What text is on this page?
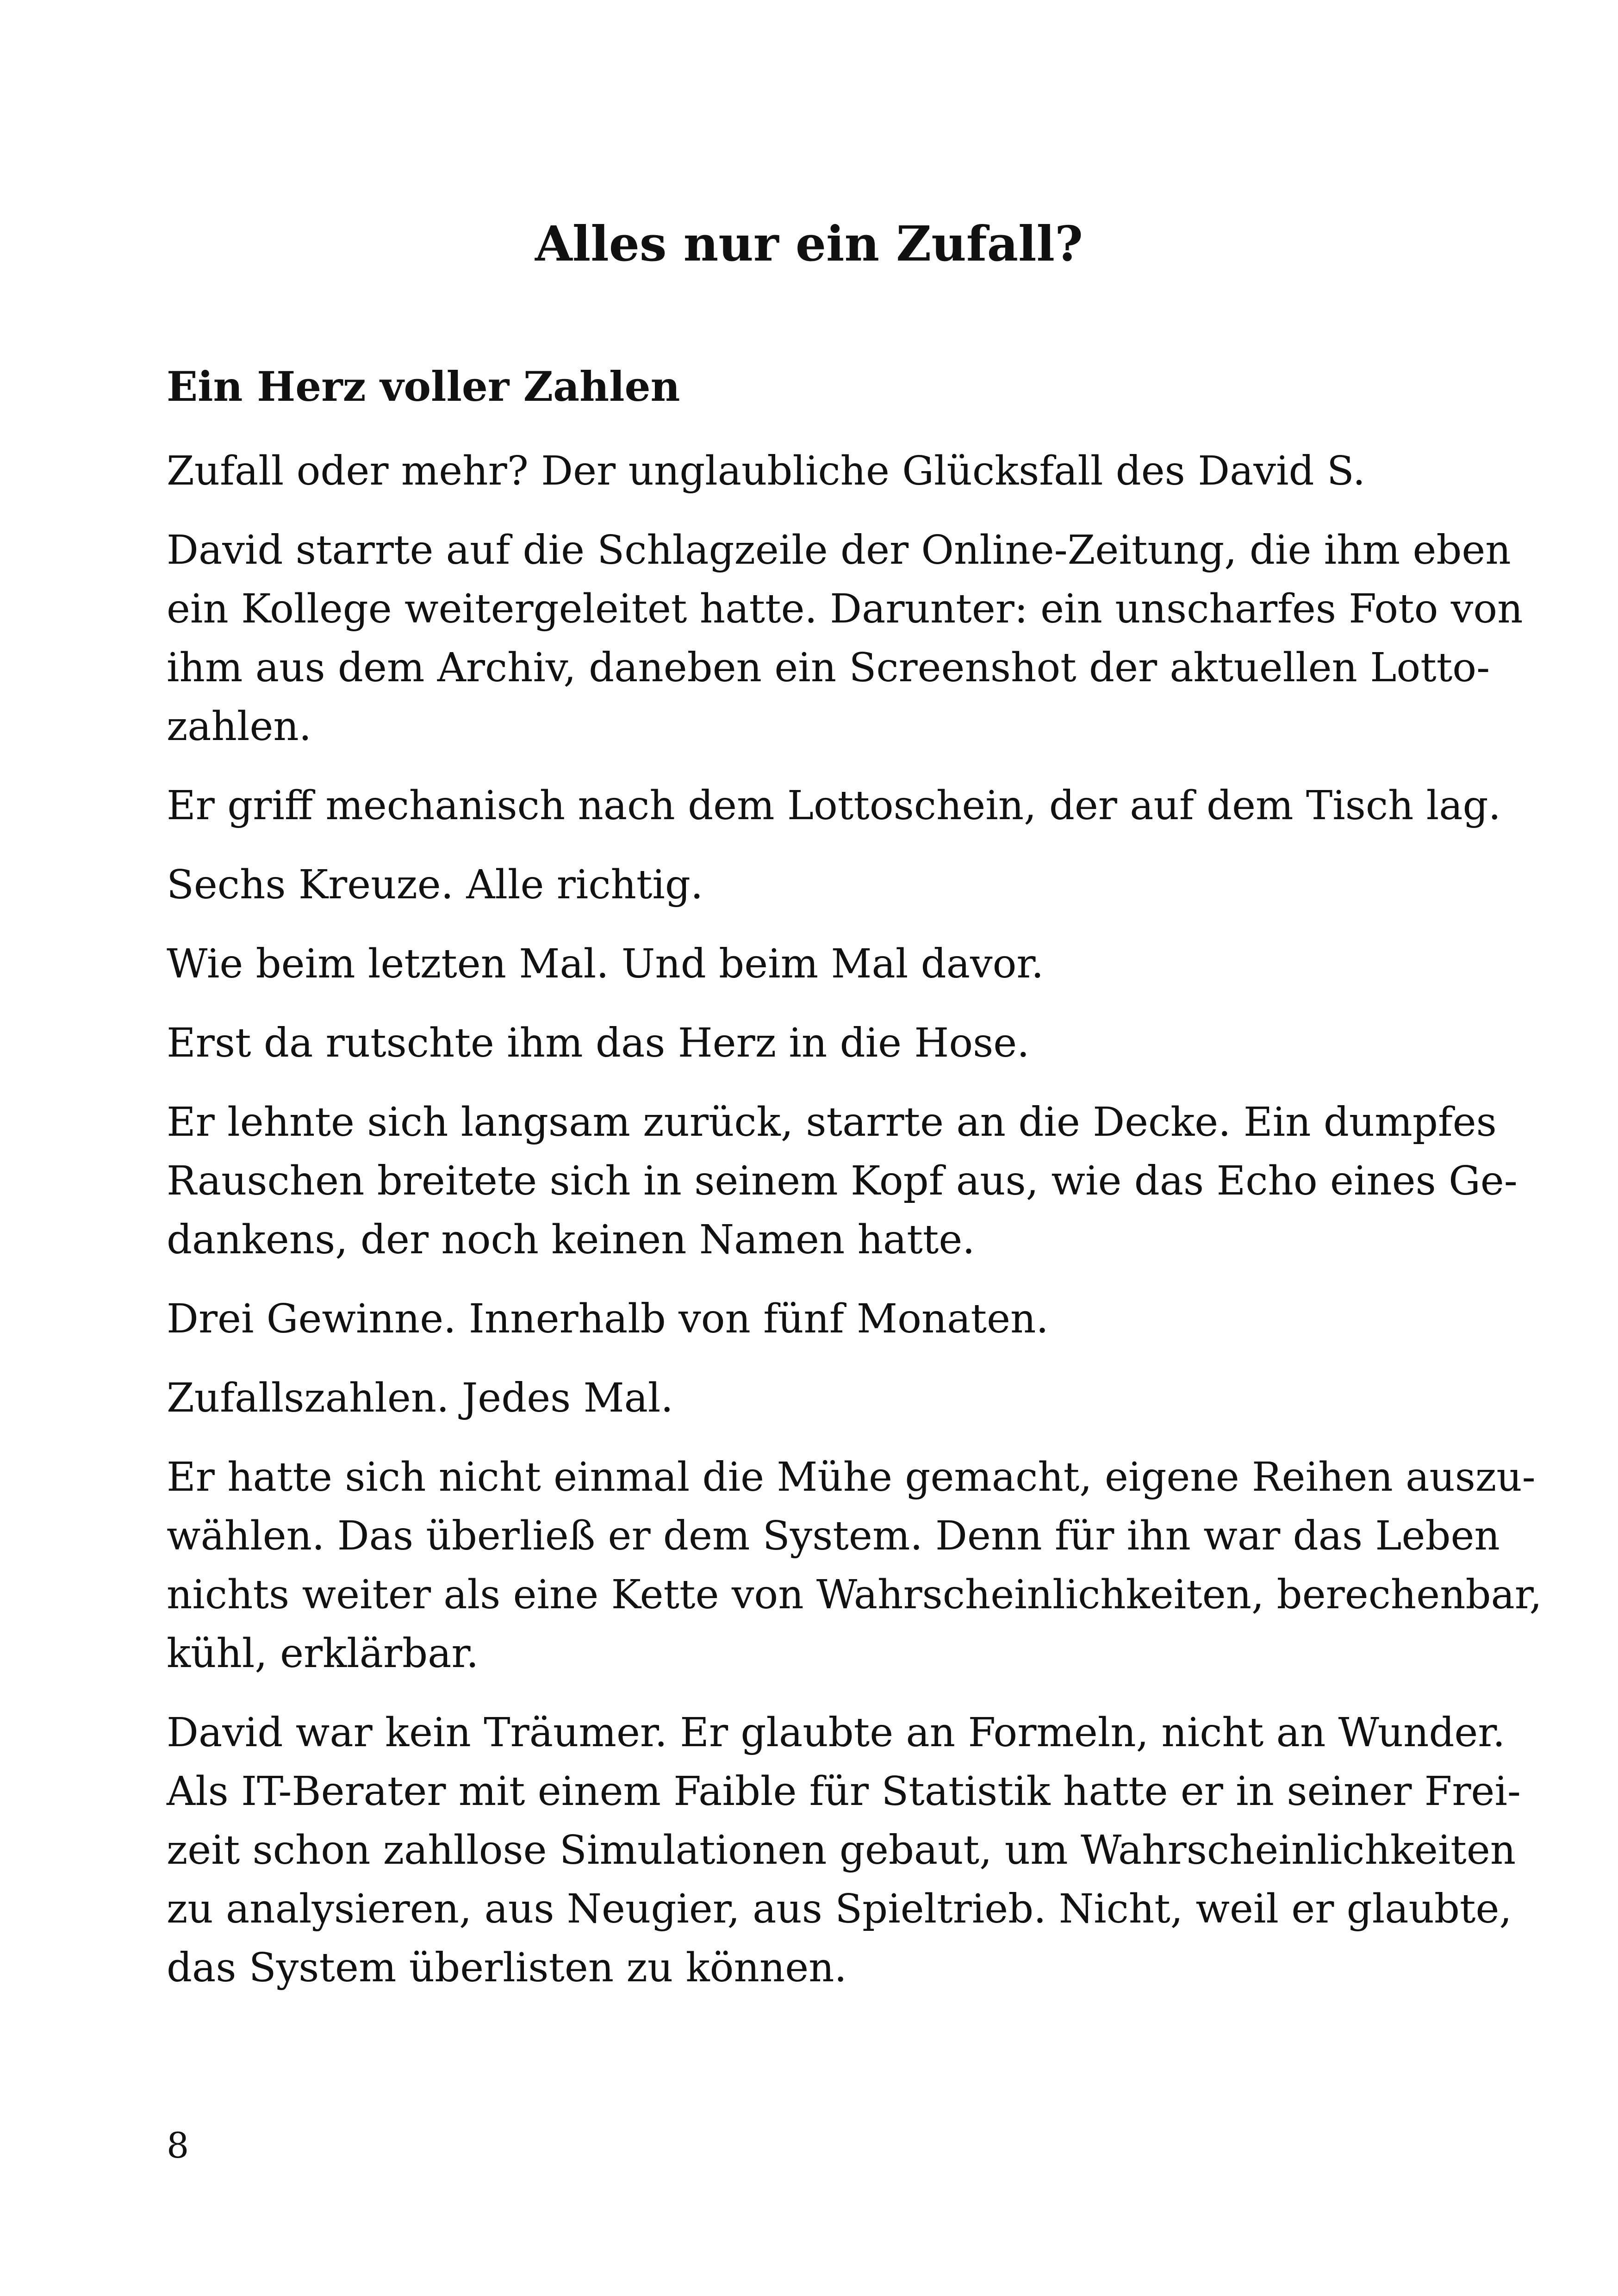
Alles nur ein Zufall?
Ein Herz voller Zahlen

Zufall oder mehr? Der unglaubliche Glücksfall des David S.

David starrte auf die Schlagzeile der Online-Zeitung, die ihm eben
ein Kollege weitergeleitet hatte. Darunter: ein unscharfes Foto von
ihm aus dem Archiv, daneben ein Screenshot der aktuellen Lotto-
zahlen.

Er griff mechanisch nach dem Lottoschein, der auf dem Tisch lag.

Sechs Kreuze. Alle richtig.

Wie beim letzten Mal. Und beim Mal davor.

Erst da rutschte ihm das Herz in die Hose.

Er lehnte sich langsam zurück, starrte an die Decke. Ein dumpfes
Rauschen breitete sich in seinem Kopf aus, wie das Echo eines Ge-
dankens, der noch keinen Namen hatte.

Drei Gewinne. Innerhalb von fünf Monaten.

Zufallszahlen. Jedes Mal.

Er hatte sich nicht einmal die Mühe gemacht, eigene Reihen auszu-
wählen. Das überließ er dem System. Denn für ihn war das Leben
nichts weiter als eine Kette von Wahrscheinlichkeiten, berechenbar,
kühl, erklärbar.

David war kein Träumer. Er glaubte an Formeln, nicht an Wunder.
Als IT-Berater mit einem Faible für Statistik hatte er in seiner Frei-
zeit schon zahllose Simulationen gebaut, um Wahrscheinlichkeiten
zu analysieren, aus Neugier, aus Spieltrieb. Nicht, weil er glaubte,
das System überlisten zu können.

8
